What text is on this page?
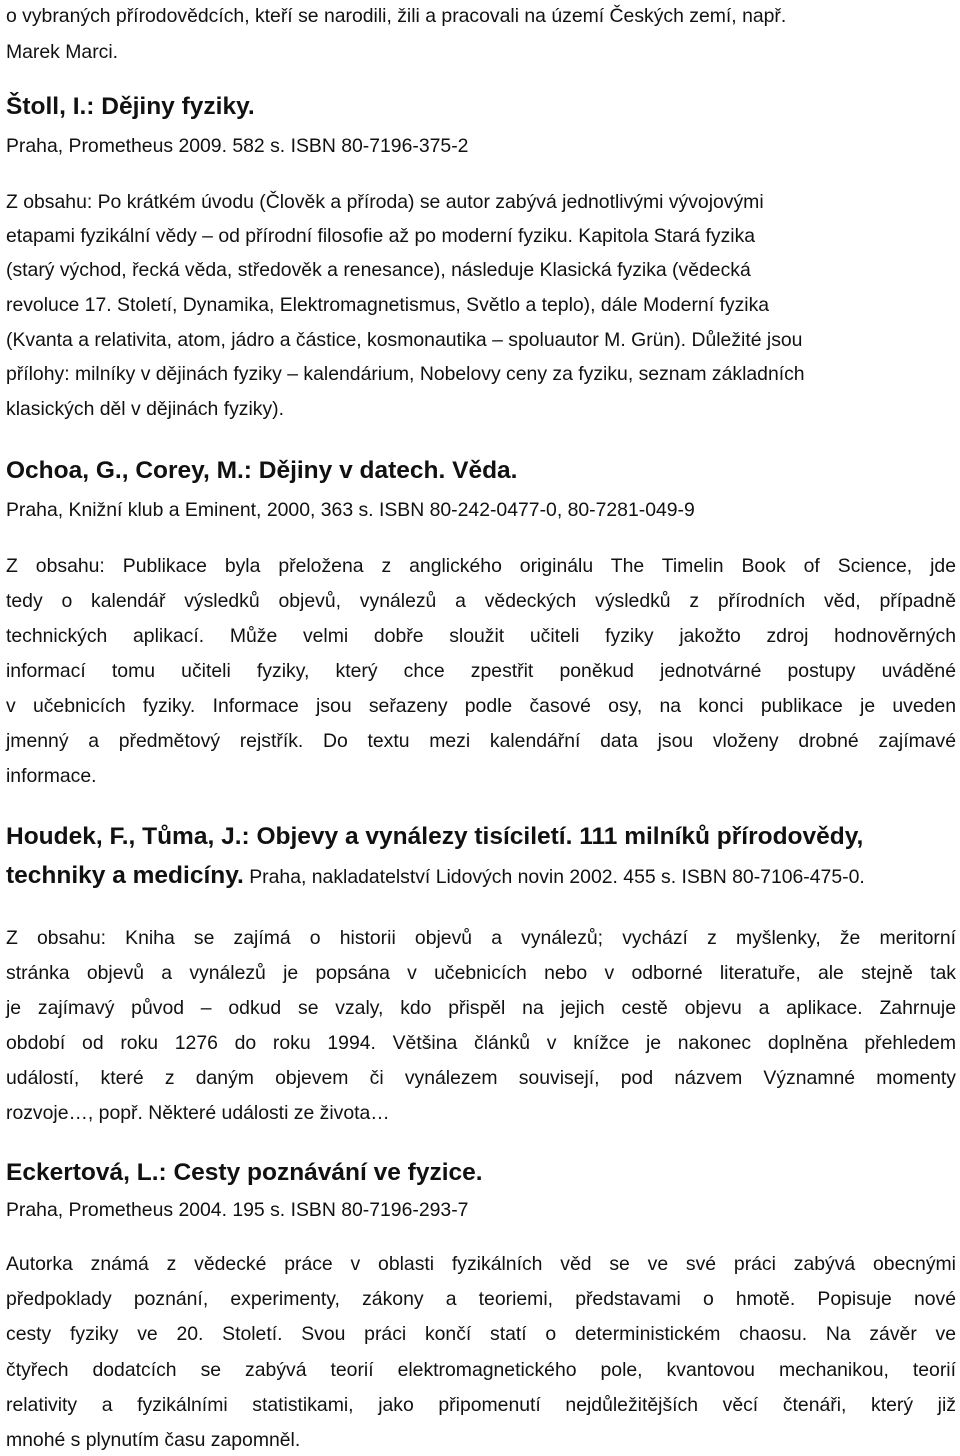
o vybraných přírodovědcích, kteří se narodili, žili a pracovali na území Českých zemí, např.
Marek Marci.
Štoll, I.: Dějiny fyziky.
Praha, Prometheus 2009. 582 s. ISBN 80-7196-375-2
Z obsahu: Po krátkém úvodu (Člověk a příroda) se autor zabývá jednotlivými vývojovými
etapami fyzikální vědy – od přírodní filosofie až po moderní fyziku. Kapitola Stará fyzika
(starý východ, řecká věda, středověk a renesance), následuje Klasická fyzika (vědecká
revoluce 17. Století, Dynamika, Elektromagnetismus, Světlo a teplo), dále Moderní fyzika
(Kvanta a relativita, atom, jádro a částice, kosmonautika – spoluautor M. Grün). Důležité jsou
přílohy: milníky v dějinách fyziky – kalendárium, Nobelovy ceny za fyziku, seznam základních
klasických děl v dějinách fyziky).
Ochoa, G., Corey, M.: Dějiny v datech. Věda.
Praha, Knižní klub a Eminent, 2000, 363 s. ISBN 80-242-0477-0, 80-7281-049-9
Z obsahu: Publikace byla přeložena z anglického originálu The Timelin Book of Science, jde
tedy o kalendář výsledků objevů, vynálezů a vědeckých výsledků z přírodních věd, případně
technických aplikací. Může velmi dobře sloužit učiteli fyziky jakožto zdroj hodnověrných
informací tomu učiteli fyziky, který chce zpestřit poněkud jednotvárné postupy uváděné
v učebnicích fyziky. Informace jsou seřazeny podle časové osy, na konci publikace je uveden
jmenný a předmětový rejstřík. Do textu mezi kalendářní data jsou vloženy drobné zajímavé
informace.
Houdek, F., Tůma, J.: Objevy a vynálezy tisíciletí. 111 milníků přírodovědy,
techniky a medicíny. Praha, nakladatelství Lidových novin 2002. 455 s. ISBN 80-7106-475-0.
Z obsahu: Kniha se zajímá o historii objevů a vynálezů; vychází z myšlenky, že meritorní
stránka objevů a vynálezů je popsána v učebnicích nebo v odborné literatuře, ale stejně tak
je zajímavý původ – odkud se vzaly, kdo přispěl na jejich cestě objevu a aplikace. Zahrnuje
období od roku 1276 do roku 1994. Většina článků v knížce je nakonec doplněna přehledem
událostí, které z daným objevem či vynálezem souvisejí, pod názvem Významné momenty
rozvoje…, popř. Některé události ze života…
Eckertová, L.: Cesty poznávání ve fyzice.
Praha, Prometheus 2004. 195 s. ISBN 80-7196-293-7
Autorka známá z vědecké práce v oblasti fyzikálních věd se ve své práci zabývá obecnými
předpoklady poznání, experimenty, zákony a teoriemi, představami o hmotě. Popisuje nové
cesty fyziky ve 20. Století. Svou práci končí statí o deterministickém chaosu. Na závěr ve
čtyřech dodatcích se zabývá teorií elektromagnetického pole, kvantovou mechanikou, teorií
relativity a fyzikálními statistikami, jako připomenutí nejdůležitějších věcí čtenáři, který již
mnohé s plynutím času zapomněl.
